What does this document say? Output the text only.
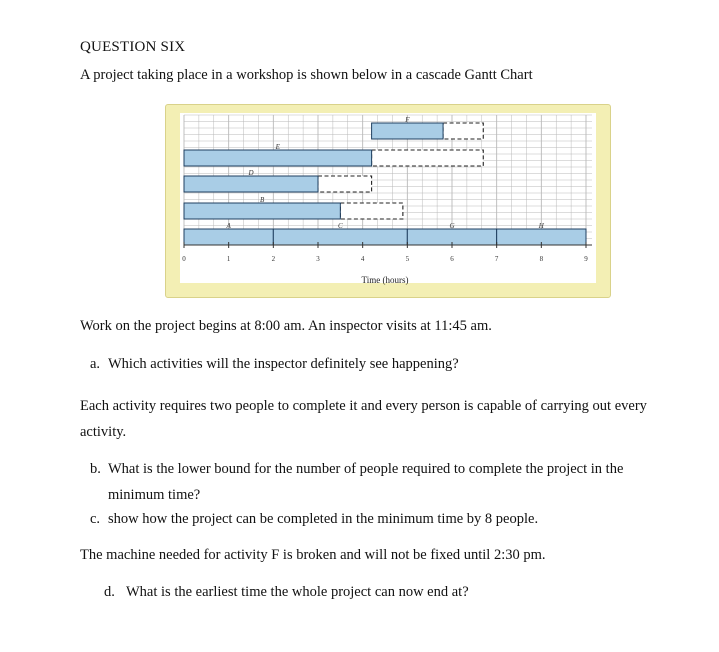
QUESTION SIX

A project taking place in a workshop is shown below in a cascade Gantt Chart

F
E
D
B
A	C	G	H
0	1	2	3	4	5	6	7	8	9
Time (hours)

Work on the project begins at 8:00 am. An inspector visits at 11:45 am.

a. Which activities will the inspector definitely see happening?

Each activity requires two people to complete it and every person is capable of carrying out every activity.

b. What is the lower bound for the number of people required to complete the project in the
minimum time?

c. show how the project can be completed in the minimum time by 8 people.

The machine needed for activity F is broken and will not be fixed until 2:30 pm.

d. What is the earliest time the whole project can now end at?
